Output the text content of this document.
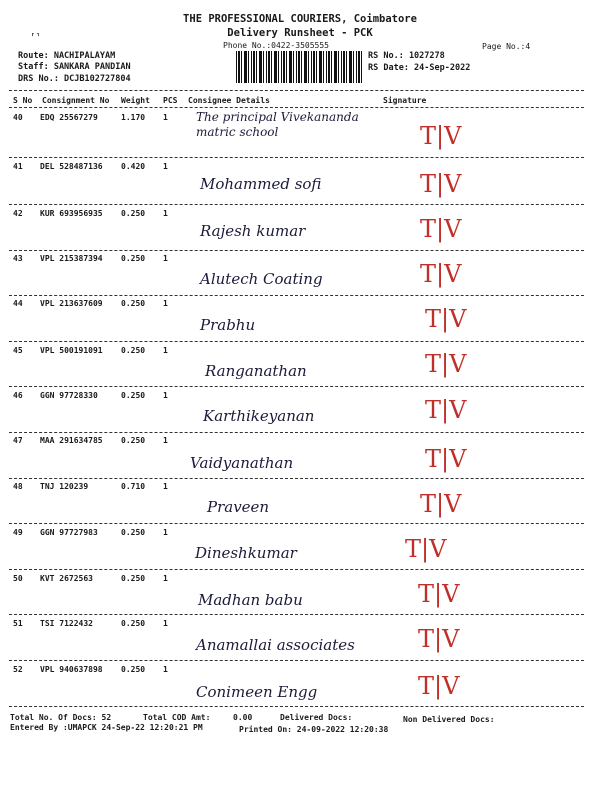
⸢⸣
THE PROFESSIONAL COURIERS, Coimbatore
Delivery Runsheet - PCK
Phone No.:0422-3505555	Page No.:4
Route: NACHIPALAYAM
Staff: SANKARA PANDIAN
DRS No.: DCJB102727804
RS No.: 1027278
RS Date: 24-Sep-2022
S No Consignment No Weight PCS Consignee Details	Signature
40 EDQ 25567279	1.170 1 The principal Vivekananda matric school	T|V
41 DEL 528487136 0.420 1
Mohammed sofi	T|V
42 KUR 693956935 0.250 1
Rajesh kumar	T|V
43 VPL 215387394 0.250 1
Alutech Coating	T|V
44 VPL 213637609 0.250 1
Prabhu	T|V
45 VPL 500191091 0.250 1
Ranganathan	T|V
46 GGN 97728330	0.250 1
Karthikeyanan	T|V
47 MAA 291634785 0.250 1
Vaidyanathan	T|V
48 TNJ 120239	0.710 1
Praveen	T|V
49 GGN 97727983	0.250 1
Dineshkumar	T|V
50 KVT 2672563	0.250 1
Madhan babu	T|V
51 TSI 7122432	0.250 1
Anamallai associates	T|V
52 VPL 940637898 0.250 1
Conimeen Engg	T|V
Total No. Of Docs: 52	Total COD Amt:	0.00	Delivered Docs:	Non Delivered Docs:
Entered By :UMAPCK 24-Sep-22 12:20:21 PM	Printed On: 24-09-2022 12:20:38
